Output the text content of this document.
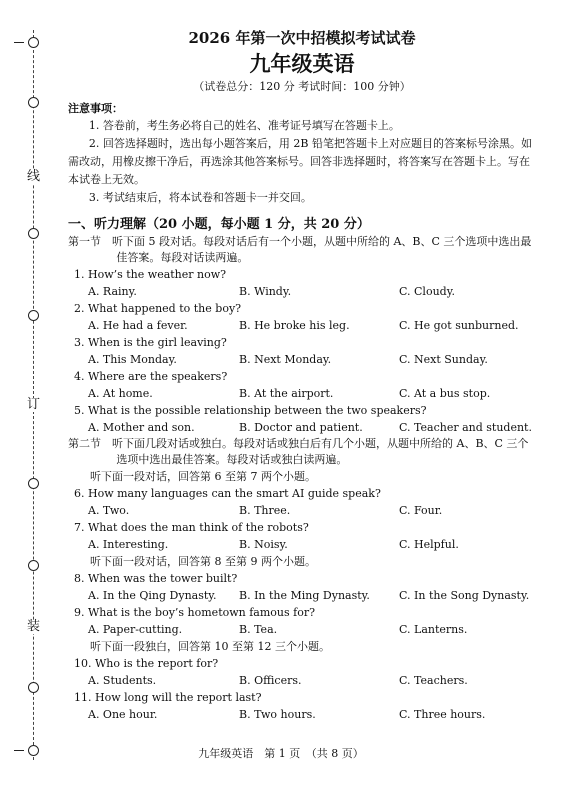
线
订
装
2026 年第一次中招模拟考试试卷
九年级英语
（试卷总分：120 分 考试时间：100 分钟）
注意事项：
1. 答卷前，考生务必将自己的姓名、准考证号填写在答题卡上。
2. 回答选择题时，选出每小题答案后，用 2B 铅笔把答题卡上对应题目的答案标号涂黑。如需改动，用橡皮擦干净后，再选涂其他答案标号。回答非选择题时，将答案写在答题卡上。写在本试卷上无效。
3. 考试结束后，将本试卷和答题卡一并交回。
一、听力理解（20 小题，每小题 1 分，共 20 分）
第一节　听下面 5 段对话。每段对话后有一个小题，从题中所给的 A、B、C 三个选项中选出最佳答案。每段对话读两遍。
1. How’s the weather now?
A. Rainy.	B. Windy.	C. Cloudy.
2. What happened to the boy?
A. He had a fever.	B. He broke his leg.	C. He got sunburned.
3. When is the girl leaving?
A. This Monday.	B. Next Monday.	C. Next Sunday.
4. Where are the speakers?
A. At home.	B. At the airport.	C. At a bus stop.
5. What is the possible relationship between the two speakers?
A. Mother and son.	B. Doctor and patient.	C. Teacher and student.
第二节　听下面几段对话或独白。每段对话或独白后有几个小题，从题中所给的 A、B、C 三个选项中选出最佳答案。每段对话或独白读两遍。
听下面一段对话，回答第 6 至第 7 两个小题。
6. How many languages can the smart AI guide speak?
A. Two.	B. Three.	C. Four.
7. What does the man think of the robots?
A. Interesting.	B. Noisy.	C. Helpful.
听下面一段对话，回答第 8 至第 9 两个小题。
8. When was the tower built?
A. In the Qing Dynasty.	B. In the Ming Dynasty.	C. In the Song Dynasty.
9. What is the boy’s hometown famous for?
A. Paper-cutting.	B. Tea.	C. Lanterns.
听下面一段独白，回答第 10 至第 12 三个小题。
10. Who is the report for?
A. Students.	B. Officers.	C. Teachers.
11. How long will the report last?
A. One hour.	B. Two hours.	C. Three hours.
九年级英语　第 1 页　（共 8 页）
